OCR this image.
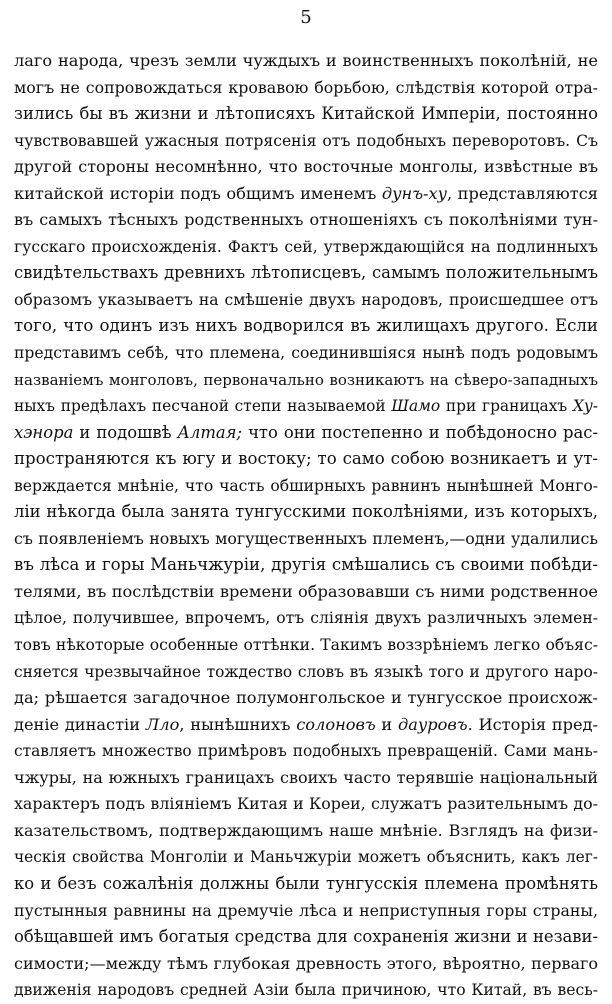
5
лаго народа, чрезъ земли чуждыхъ и воинственныхъ поколѣній, не
могъ не сопровождаться кровавою борьбою, слѣдствія которой отра-
зились бы въ жизни и лѣтописяхъ Китайской Имперіи, постоянно
чувствовавшей ужасныя потрясенія отъ подобныхъ переворотовъ. Съ
другой стороны несомнѣнно, что восточные монголы, извѣстные въ
китайской исторіи подъ общимъ именемъ дунъ-ху, представляются
въ самыхъ тѣсныхъ родственныхъ отношеніяхъ съ поколѣніями тун-
гусскаго происхожденія. Фактъ сей, утверждающійся на подлинныхъ
свидѣтельствахъ древнихъ лѣтописцевъ, самымъ положительнымъ
образомъ указываетъ на смѣшеніе двухъ народовъ, происшедшее отъ
того, что одинъ изъ нихъ водворился въ жилищахъ другого. Если
представимъ себѣ, что племена, соединившіяся нынѣ подъ родовымъ
названіемъ монголовъ, первоначально возникаютъ на сѣверо-западныхъ
ныхъ предѣлахъ песчаной степи называемой Шамо при границахъ Ху-
хэнора и подошвѣ Алтая; что они постепенно и побѣдоносно рас-
пространяются къ югу и востоку; то само собою возникаетъ и ут-
верждается мнѣніе, что часть обширныхъ равнинъ нынѣшней Монго-
ліи нѣкогда была занята тунгусскими поколѣніями, изъ которыхъ,
съ появленіемъ новыхъ могущественныхъ племенъ,—одни удалились
въ лѣса и горы Маньчжуріи, другія смѣшались съ своими побѣди-
телями, въ послѣдствіи времени образовавши съ ними родственное
цѣлое, получившее, впрочемъ, отъ слiянія двухъ различныхъ элемен-
товъ нѣкоторые особенные оттѣнки. Такимъ воззрѣніемъ легко объяс-
сняется чрезвычайное тождество словъ въ языкѣ того и другого наро-
да; рѣшается загадочное полумонгольское и тунгусское происхож-
деніе династіи Лло, нынѣшнихъ солоновъ и дауровъ. Исторія пред-
ставляетъ множество примѣровъ подобныхъ превращеній. Сами мань-
чжуры, на южныхъ границахъ своихъ часто терявшіе національный
характеръ подъ вліяніемъ Китая и Кореи, служатъ разительнымъ до-
казательствомъ, подтверждающимъ наше мнѣніе. Взглядъ на физи-
ческія свойства Монголіи и Маньчжуріи можетъ объяснить, какъ лег-
ко и безъ сожалѣнія должны были тунгусскія племена промѣнять
пустынныя равнины на дремучіе лѣса и неприступныя горы страны,
обѣщавшей имъ богатыя средства для сохраненія жизни и незави-
симости;—между тѣмъ глубокая древность этого, вѣроятно, перваго
движенія народовъ средней Азіи была причиною, что Китай, въ весь-
